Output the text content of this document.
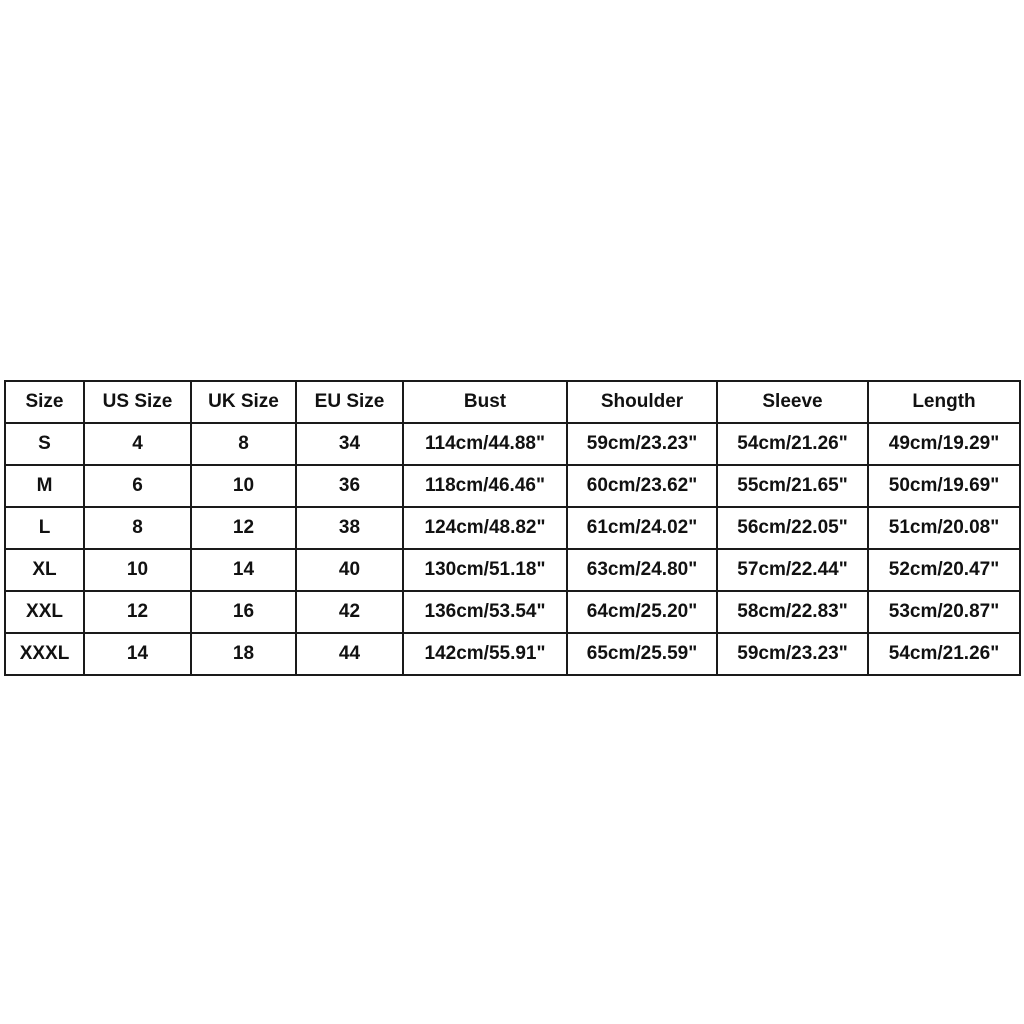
Size	US Size	UK Size	EU Size	Bust	Shoulder	Sleeve	Length
S	4	8	34	114cm/44.88"	59cm/23.23"	54cm/21.26"	49cm/19.29"
M	6	10	36	118cm/46.46"	60cm/23.62"	55cm/21.65"	50cm/19.69"
L	8	12	38	124cm/48.82"	61cm/24.02"	56cm/22.05"	51cm/20.08"
XL	10	14	40	130cm/51.18"	63cm/24.80"	57cm/22.44"	52cm/20.47"
XXL	12	16	42	136cm/53.54"	64cm/25.20"	58cm/22.83"	53cm/20.87"
XXXL	14	18	44	142cm/55.91"	65cm/25.59"	59cm/23.23"	54cm/21.26"
